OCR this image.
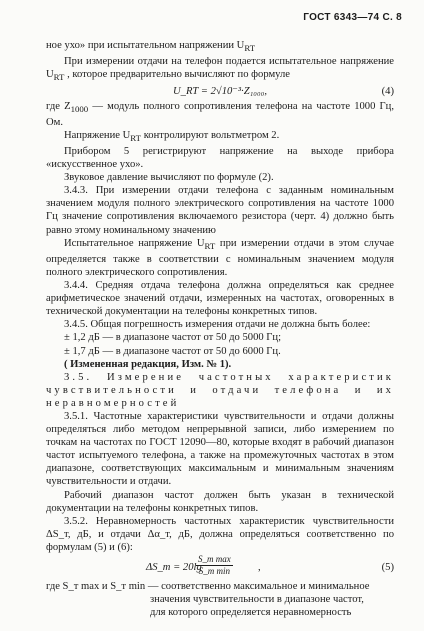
ГОСТ 6343—74 С. 8

ное ухо» при испытательном напряжении $U_{RT}$

При измерении отдачи на телефон подается испытательное напряжение $U_{RT}$ , которое предварительно вычисляют по формуле

U_RT = 2√10⁻³·Z₁₀₀₀,	(4)

где $Z_{1000}$ — модуль полного сопротивления телефона на частоте 1000 Гц, Ом.

Напряжение $U_{RT}$ контролируют вольтметром 2.

Прибором 5 регистрируют напряжение на выходе прибора «искусственное ухо».

Звуковое давление вычисляют по формуле (2).

3.4.3. При измерении отдачи телефона с заданным номинальным значением модуля полного электрического сопротивления на частоте 1000 Гц значение сопротивления включаемого резистора (черт. 4) должно быть равно этому номинальному значению

Испытательное напряжение $U_{RT}$ при измерении отдачи в этом случае определяется также в соответствии с номинальным значением модуля полного электрического сопротивления.

3.4.4. Средняя отдача телефона должна определяться как среднее арифметическое значений отдачи, измеренных на частотах, оговоренных в технической документации на телефоны конкретных типов.

3.4.5. Общая погрешность измерения отдачи не должна быть более:

± 1,2 дБ — в диапазоне частот от 50 до 5000 Гц;

± 1,7 дБ — в диапазоне частот от 50 до 6000 Гц.

( Измененная редакция, Изм. № 1).

3.5. Измерение частотных характеристик чувствительности и отдачи телефона и их неравномерностей

3.5.1. Частотные характеристики чувствительности и отдачи должны определяться либо методом непрерывной записи, либо измерением по точкам на частотах по ГОСТ 12090—80, которые входят в рабочий диапазон частот испытуемого телефона, а также на промежуточных частотах в этом диапазоне, соответствующих максимальным и минимальным значениям чувствительности и отдачи.

Рабочий диапазон частот должен быть указан в технической документации на телефоны конкретных типов.

3.5.2. Неравномерность частотных характеристик чувствительности ΔS_т, дБ, и отдачи Δα_т, дБ, должна определяться соответственно по формулам (5) и (6):

ΔS_т = 20lg
S_т max
S_т min	,	(5)

где S_т max и S_т min — соответственно максимальное и минимальное

значения чувствительности в диапазоне частот,

для которого определяется неравномерность
